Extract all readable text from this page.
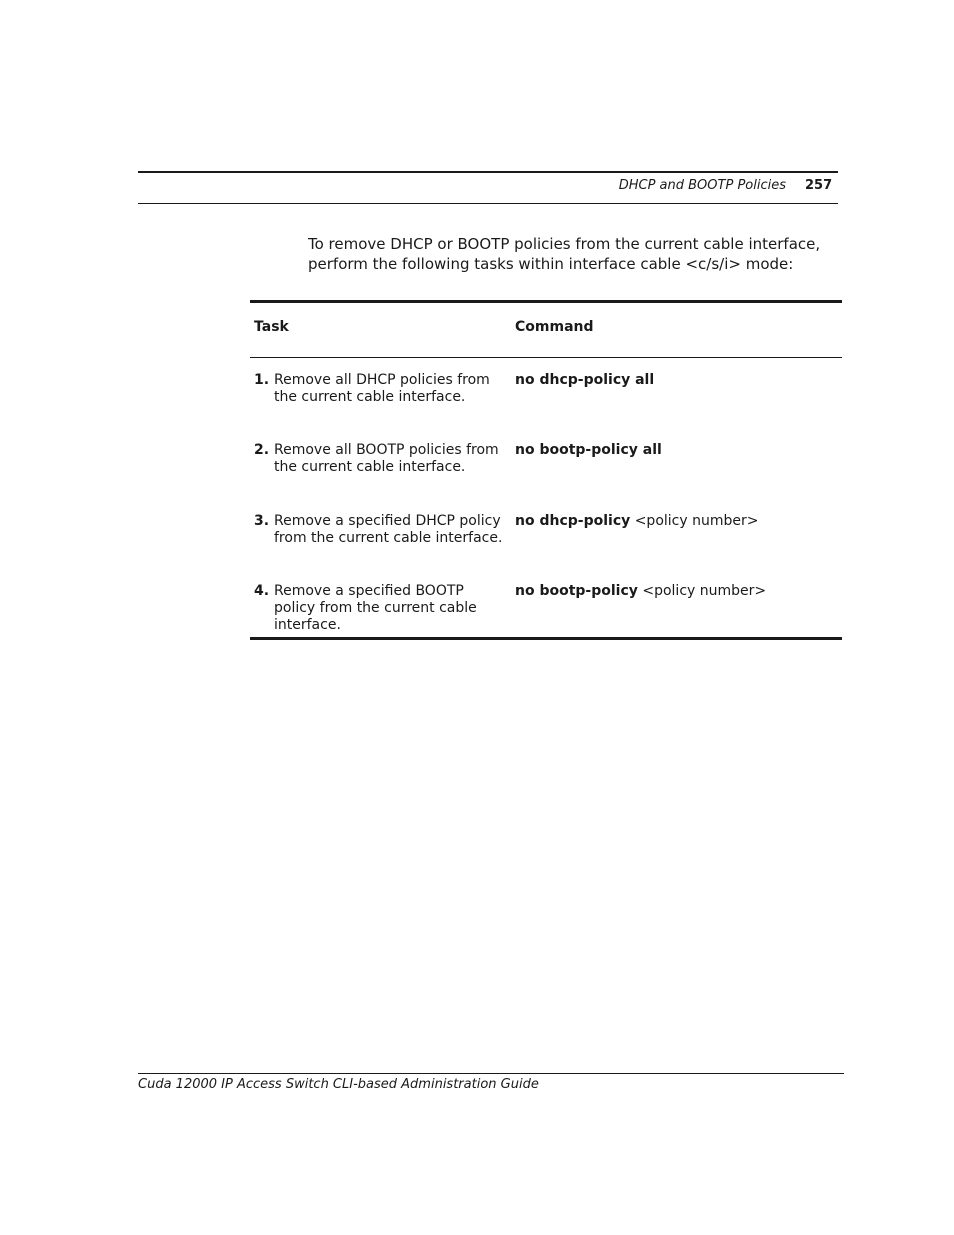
DHCP and BOOTP Policies 257

To remove DHCP or BOOTP policies from the current cable interface, perform the following tasks within interface cable <c/s/i> mode:

Task	Command
1. Remove all DHCP policies from the current cable interface.
no dhcp-policy all
2. Remove all BOOTP policies from the current cable interface.
no bootp-policy all
3. Remove a specified DHCP policy from the current cable interface.
no dhcp-policy <policy number>
4. Remove a specified BOOTP policy from the current cable interface.
no bootp-policy <policy number>
Cuda 12000 IP Access Switch CLI-based Administration Guide
